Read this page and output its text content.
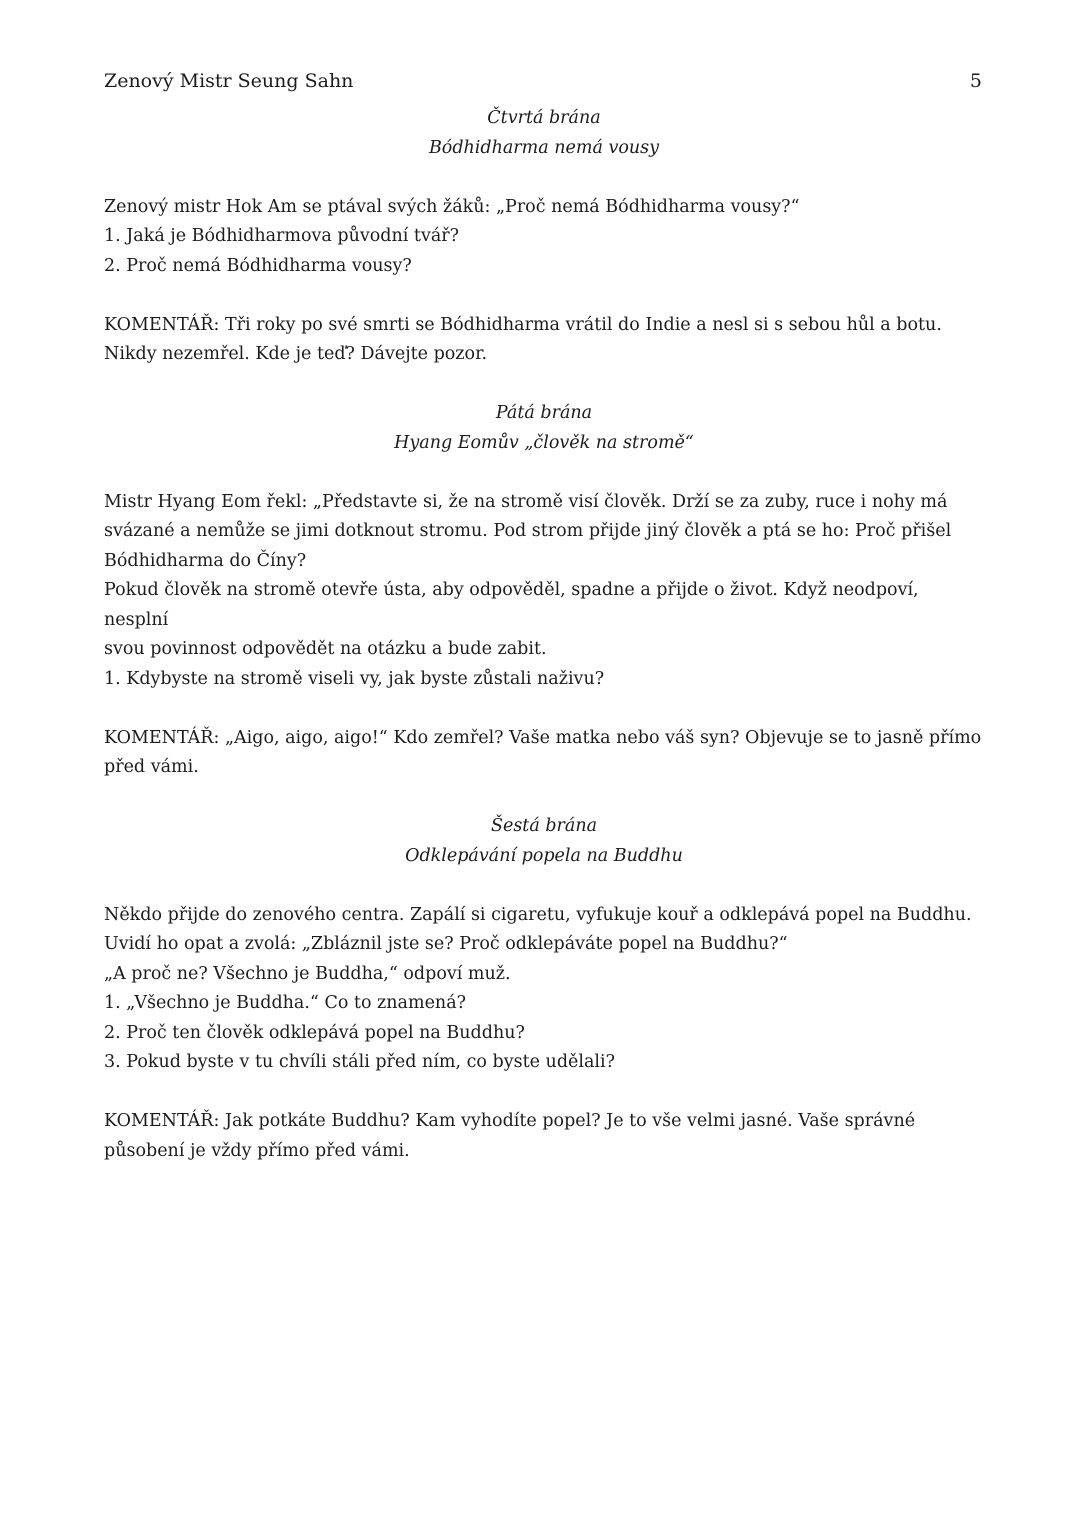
Zenový Mistr Seung Sahn	5
Čtvrtá brána
Bódhidharma nemá vousy

Zenový mistr Hok Am se ptával svých žáků: „Proč nemá Bódhidharma vousy?“

1. Jaká je Bódhidharmova původní tvář?

2. Proč nemá Bódhidharma vousy?

KOMENTÁŘ: Tři roky po své smrti se Bódhidharma vrátil do Indie a nesl si s sebou hůl a botu.

Nikdy nezemřel. Kde je teď? Dávejte pozor.

Pátá brána
Hyang Eomův „člověk na stromě“

Mistr Hyang Eom řekl: „Představte si, že na stromě visí člověk. Drží se za zuby, ruce i nohy má

svázané a nemůže se jimi dotknout stromu. Pod strom přijde jiný člověk a ptá se ho: Proč přišel

Bódhidharma do Číny?

Pokud člověk na stromě otevře ústa, aby odpověděl, spadne a přijde o život. Když neodpoví, nesplní

svou povinnost odpovědět na otázku a bude zabit.

1. Kdybyste na stromě viseli vy, jak byste zůstali naživu?

KOMENTÁŘ: „Aigo, aigo, aigo!“ Kdo zemřel? Vaše matka nebo váš syn? Objevuje se to jasně přímo

před vámi.

Šestá brána
Odklepávání popela na Buddhu

Někdo přijde do zenového centra. Zapálí si cigaretu, vyfukuje kouř a odklepává popel na Buddhu.

Uvidí ho opat a zvolá: „Zbláznil jste se? Proč odklepáváte popel na Buddhu?“

„A proč ne? Všechno je Buddha,“ odpoví muž.

1. „Všechno je Buddha.“ Co to znamená?

2. Proč ten člověk odklepává popel na Buddhu?

3. Pokud byste v tu chvíli stáli před ním, co byste udělali?

KOMENTÁŘ: Jak potkáte Buddhu? Kam vyhodíte popel? Je to vše velmi jasné. Vaše správné

působení je vždy přímo před vámi.
